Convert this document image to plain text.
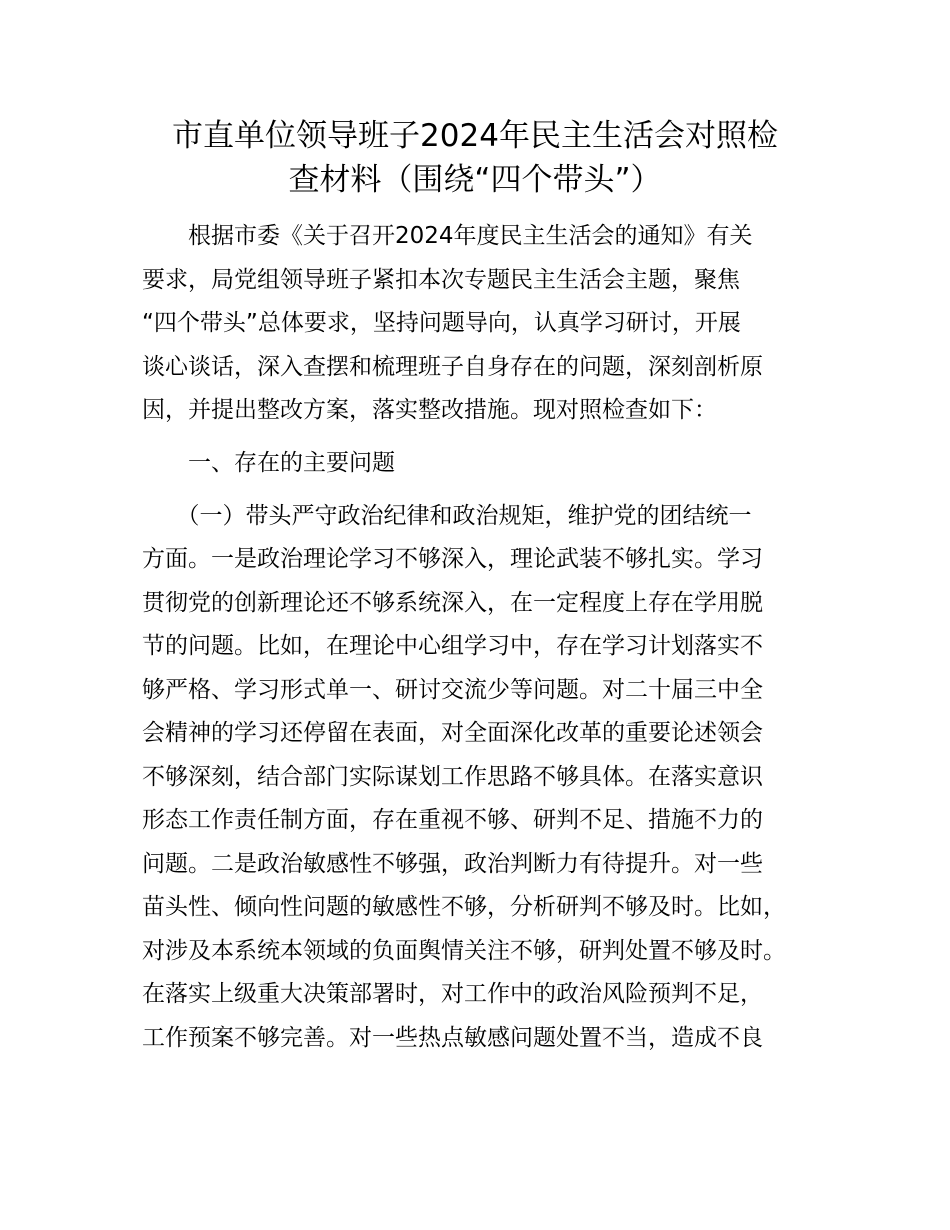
市直单位领导班子2024年民主生活会对照检
查材料（围绕“四个带头”）
　　根据市委《关于召开2024年度民主生活会的通知》有关
要求，局党组领导班子紧扣本次专题民主生活会主题，聚焦
“四个带头”总体要求，坚持问题导向，认真学习研讨，开展
谈心谈话，深入查摆和梳理班子自身存在的问题，深刻剖析原
因，并提出整改方案，落实整改措施。现对照检查如下：
　　一、存在的主要问题
　　（一）带头严守政治纪律和政治规矩，维护党的团结统一
方面。一是政治理论学习不够深入，理论武装不够扎实。学习
贯彻党的创新理论还不够系统深入，在一定程度上存在学用脱
节的问题。比如，在理论中心组学习中，存在学习计划落实不
够严格、学习形式单一、研讨交流少等问题。对二十届三中全
会精神的学习还停留在表面，对全面深化改革的重要论述领会
不够深刻，结合部门实际谋划工作思路不够具体。在落实意识
形态工作责任制方面，存在重视不够、研判不足、措施不力的
问题。二是政治敏感性不够强，政治判断力有待提升。对一些
苗头性、倾向性问题的敏感性不够，分析研判不够及时。比如，
对涉及本系统本领域的负面舆情关注不够，研判处置不够及时。
在落实上级重大决策部署时，对工作中的政治风险预判不足，
工作预案不够完善。对一些热点敏感问题处置不当，造成不良
